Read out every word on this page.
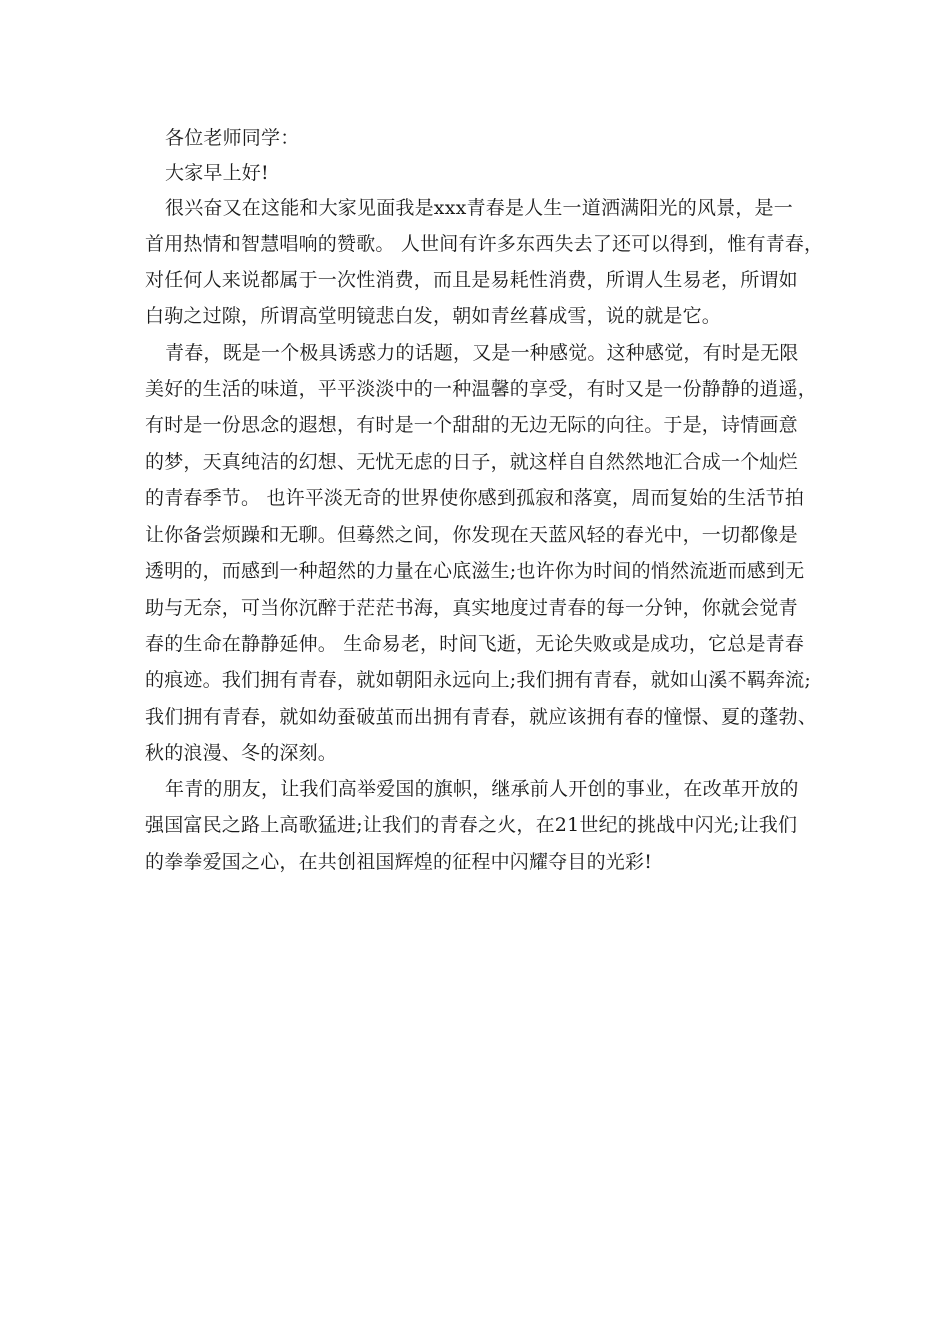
各位老师同学：
大家早上好!
很兴奋又在这能和大家见面我是xxx青春是人生一道洒满阳光的风景，是一
首用热情和智慧唱响的赞歌。 人世间有许多东西失去了还可以得到，惟有青春，
对任何人来说都属于一次性消费，而且是易耗性消费，所谓人生易老，所谓如
白驹之过隙，所谓高堂明镜悲白发，朝如青丝暮成雪，说的就是它。
青春，既是一个极具诱惑力的话题，又是一种感觉。这种感觉，有时是无限
美好的生活的味道，平平淡淡中的一种温馨的享受，有时又是一份静静的逍遥，
有时是一份思念的遐想，有时是一个甜甜的无边无际的向往。于是，诗情画意
的梦，天真纯洁的幻想、无忧无虑的日子，就这样自自然然地汇合成一个灿烂
的青春季节。 也许平淡无奇的世界使你感到孤寂和落寞，周而复始的生活节拍
让你备尝烦躁和无聊。但蓦然之间，你发现在天蓝风轻的春光中，一切都像是
透明的，而感到一种超然的力量在心底滋生;也许你为时间的悄然流逝而感到无
助与无奈，可当你沉醉于茫茫书海，真实地度过青春的每一分钟，你就会觉青
春的生命在静静延伸。 生命易老，时间飞逝，无论失败或是成功，它总是青春
的痕迹。我们拥有青春，就如朝阳永远向上;我们拥有青春，就如山溪不羁奔流;
我们拥有青春，就如幼蚕破茧而出拥有青春，就应该拥有春的憧憬、夏的蓬勃、
秋的浪漫、冬的深刻。
年青的朋友，让我们高举爱国的旗帜，继承前人开创的事业，在改革开放的
强国富民之路上高歌猛进;让我们的青春之火，在21世纪的挑战中闪光;让我们
的拳拳爱国之心，在共创祖国辉煌的征程中闪耀夺目的光彩!
